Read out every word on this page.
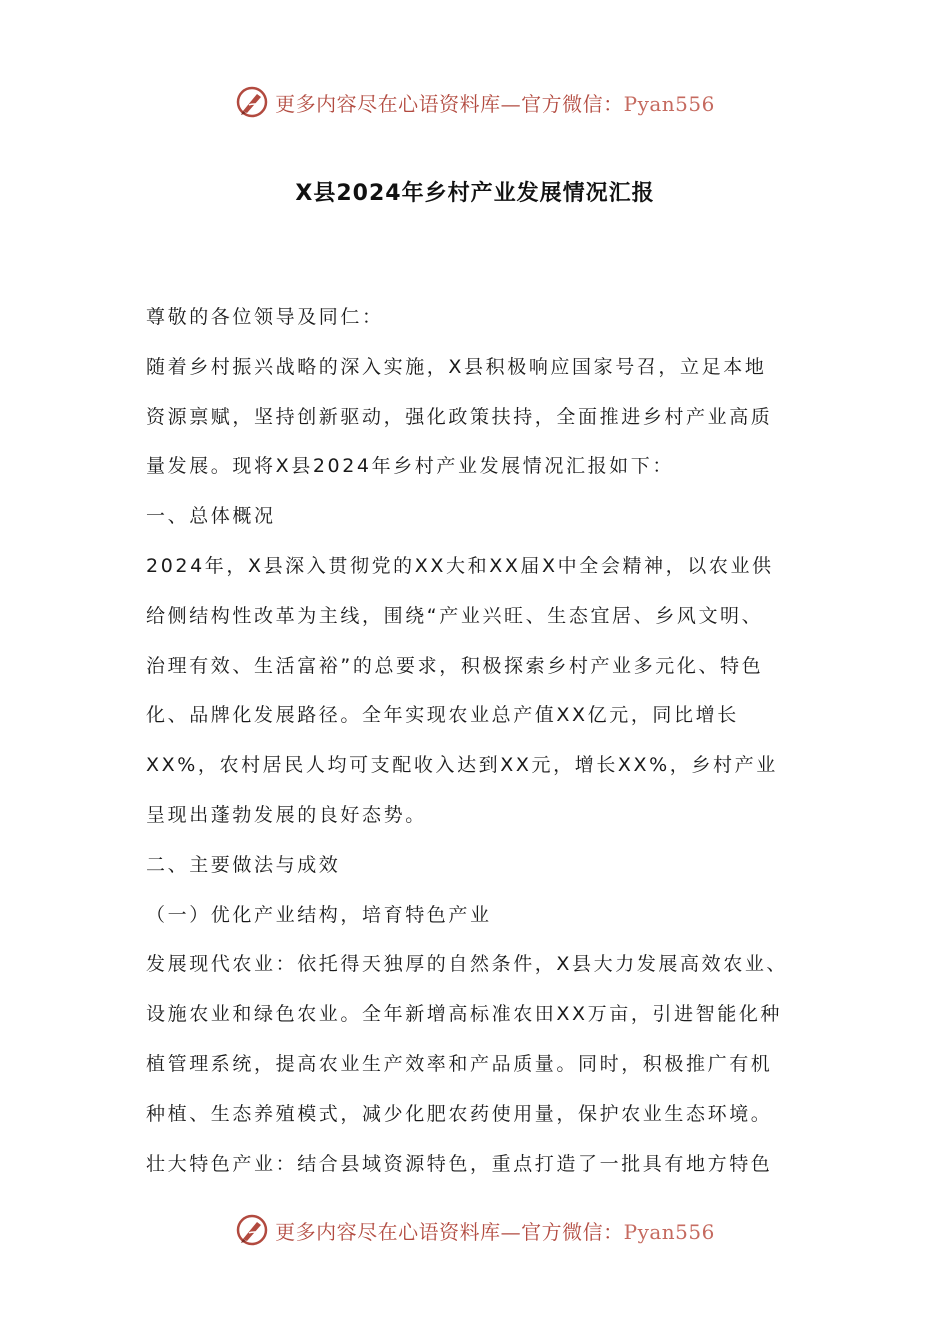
更多内容尽在心语资料库—官方微信：Pyan556
X县2024年乡村产业发展情况汇报
尊敬的各位领导及同仁：
随着乡村振兴战略的深入实施，X县积极响应国家号召，立足本地
资源禀赋，坚持创新驱动，强化政策扶持，全面推进乡村产业高质
量发展。现将X县2024年乡村产业发展情况汇报如下：
一、总体概况
2024年，X县深入贯彻党的XX大和XX届X中全会精神，以农业供
给侧结构性改革为主线，围绕“产业兴旺、生态宜居、乡风文明、
治理有效、生活富裕”的总要求，积极探索乡村产业多元化、特色
化、品牌化发展路径。全年实现农业总产值XX亿元，同比增长
XX%，农村居民人均可支配收入达到XX元，增长XX%，乡村产业
呈现出蓬勃发展的良好态势。
二、主要做法与成效
（一）优化产业结构，培育特色产业
发展现代农业：依托得天独厚的自然条件，X县大力发展高效农业、
设施农业和绿色农业。全年新增高标准农田XX万亩，引进智能化种
植管理系统，提高农业生产效率和产品质量。同时，积极推广有机
种植、生态养殖模式，减少化肥农药使用量，保护农业生态环境。
壮大特色产业：结合县域资源特色，重点打造了一批具有地方特色
更多内容尽在心语资料库—官方微信：Pyan556
